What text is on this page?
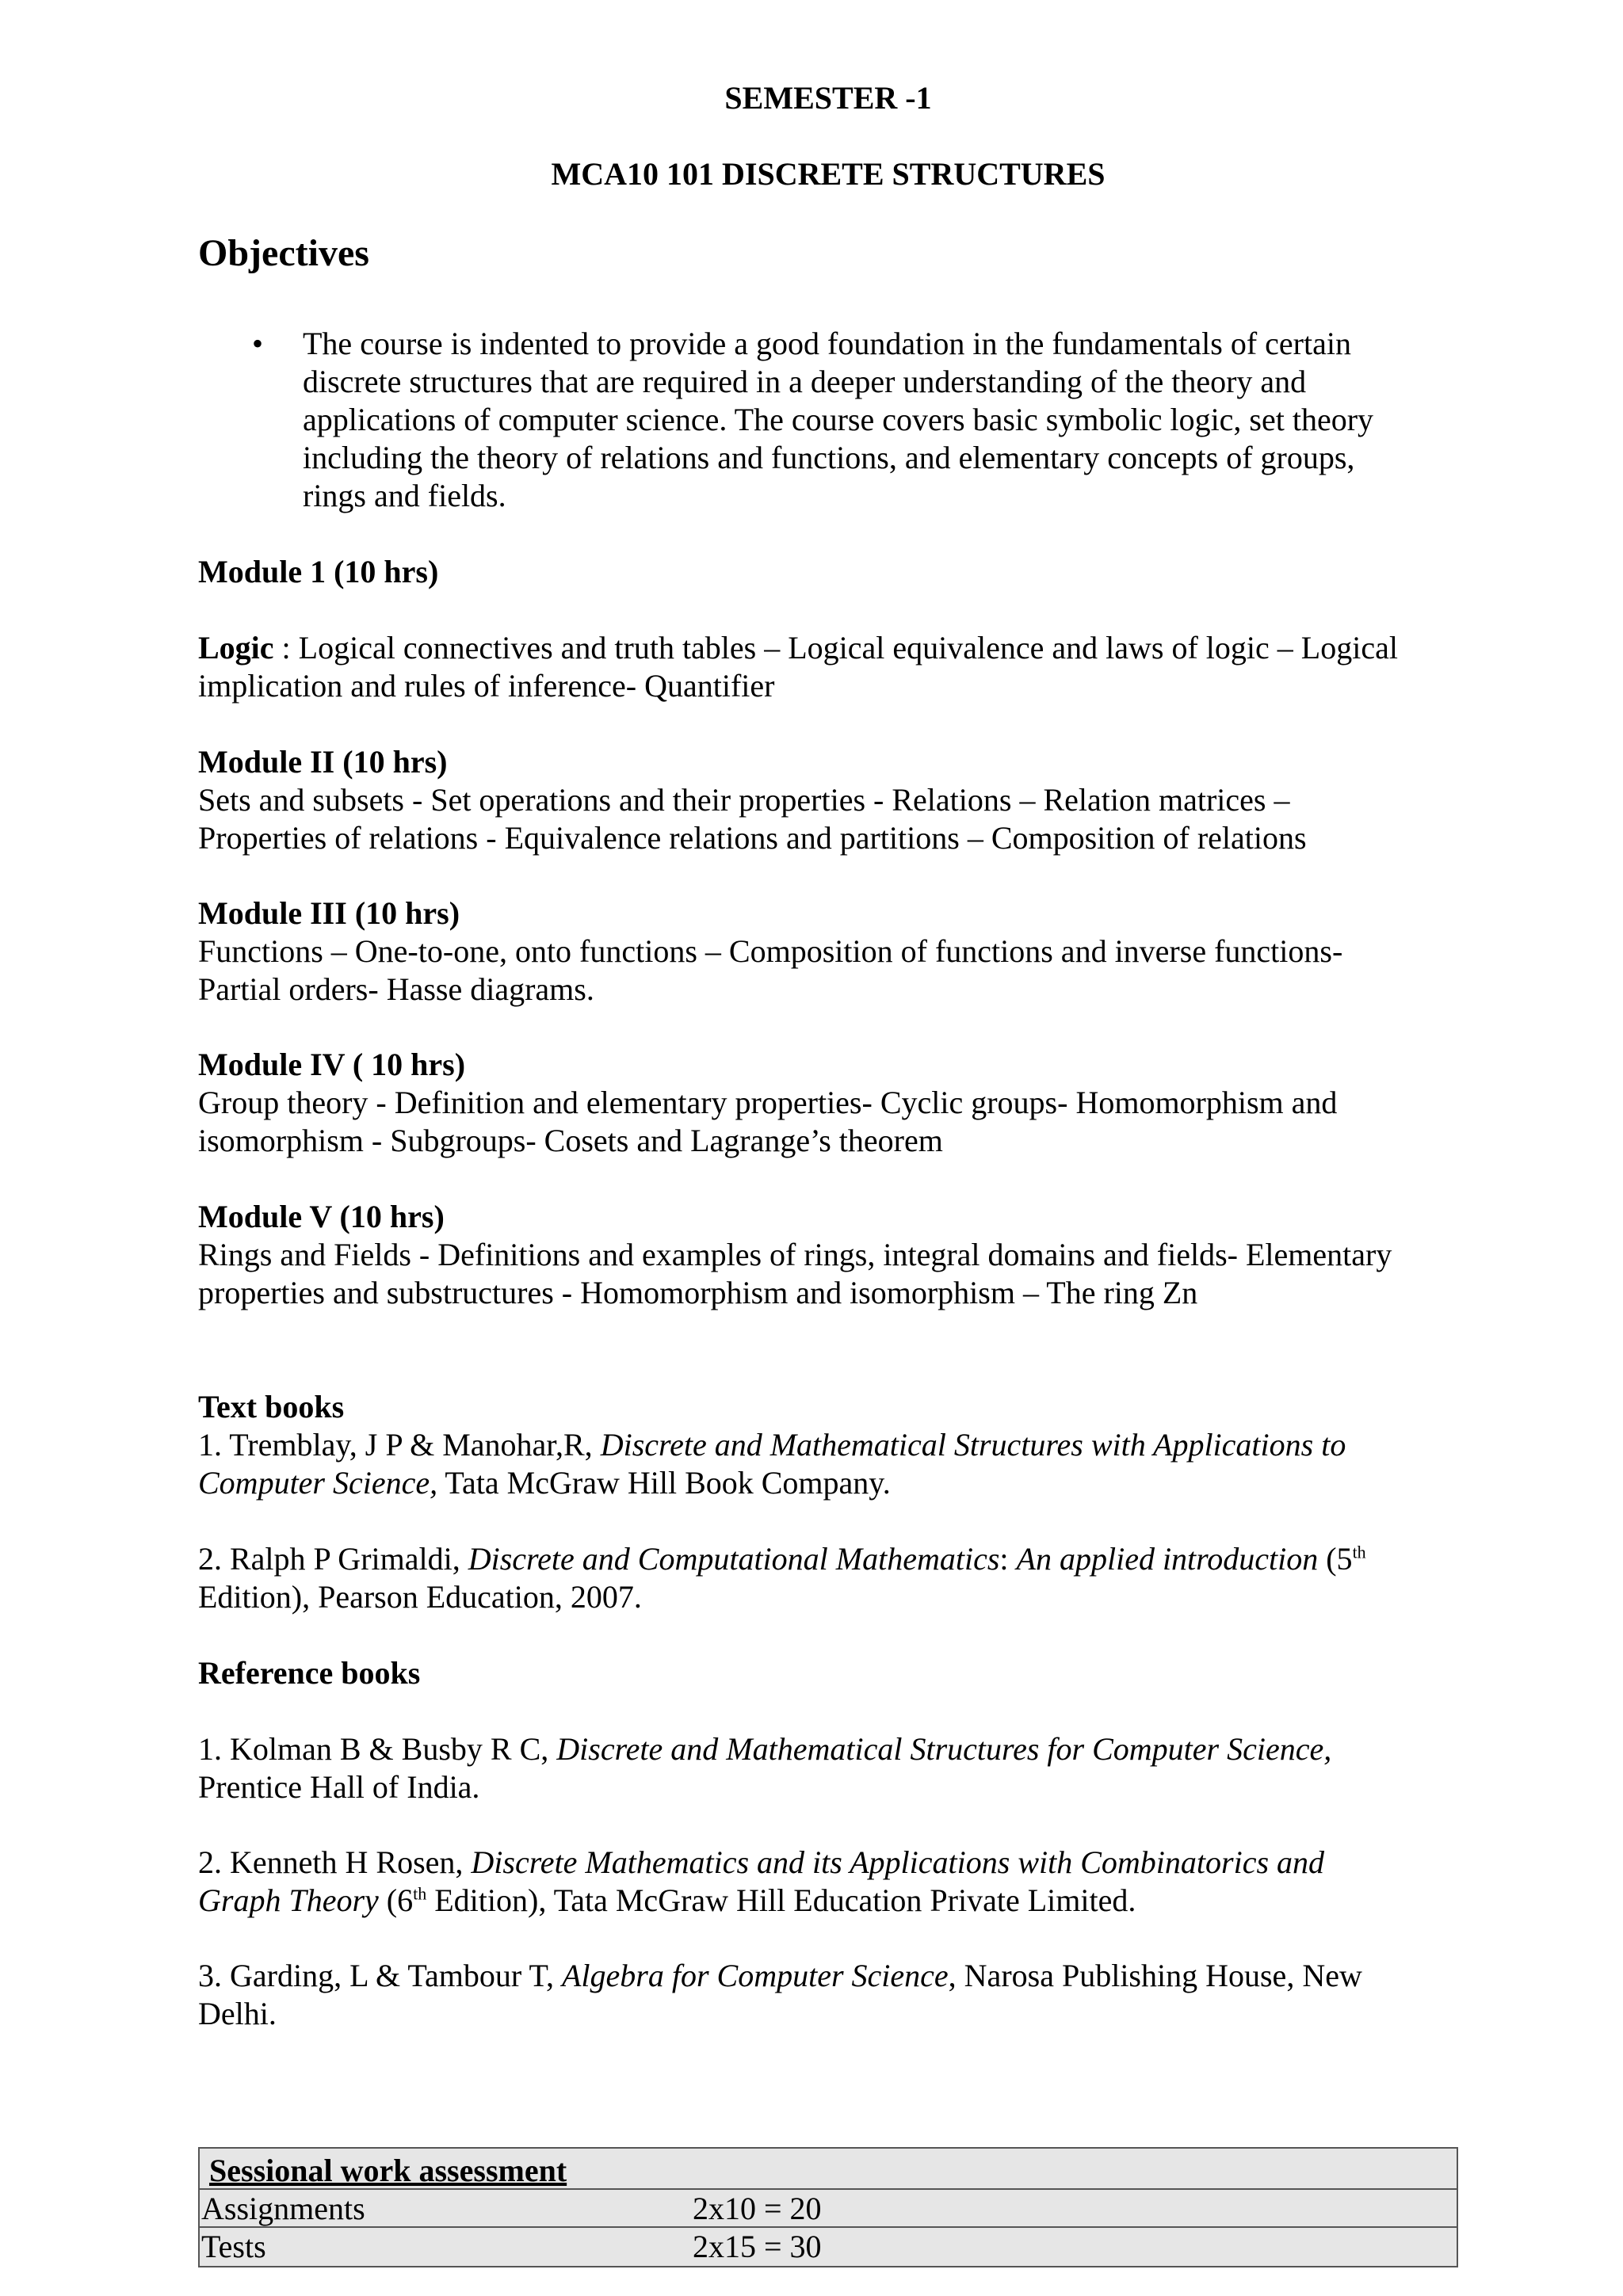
SEMESTER -1
MCA10 101 DISCRETE STRUCTURES
Objectives
• The course is indented to provide a good foundation in the fundamentals of certain
discrete structures that are required in a deeper understanding of the theory and
applications of computer science. The course covers basic symbolic logic, set theory
including the theory of relations and functions, and elementary concepts of groups,
rings and fields.
Module 1 (10 hrs)
Logic : Logical connectives and truth tables – Logical equivalence and laws of logic – Logical
implication and rules of inference- Quantifier
Module II (10 hrs)
Sets and subsets - Set operations and their properties - Relations – Relation matrices –
Properties of relations - Equivalence relations and partitions – Composition of relations
Module III (10 hrs)
Functions – One-to-one, onto functions – Composition of functions and inverse functions-
Partial orders- Hasse diagrams.
Module IV ( 10 hrs)
Group theory - Definition and elementary properties- Cyclic groups- Homomorphism and
isomorphism - Subgroups- Cosets and Lagrange’s theorem
Module V (10 hrs)
Rings and Fields - Definitions and examples of rings, integral domains and fields- Elementary
properties and substructures - Homomorphism and isomorphism – The ring Zn
Text books
1. Tremblay, J P & Manohar,R, Discrete and Mathematical Structures with Applications to
Computer Science, Tata McGraw Hill Book Company.
2. Ralph P Grimaldi, Discrete and Computational Mathematics: An applied introduction (5th
Edition), Pearson Education, 2007.
Reference books
1. Kolman B & Busby R C, Discrete and Mathematical Structures for Computer Science,
Prentice Hall of India.
2. Kenneth H Rosen, Discrete Mathematics and its Applications with Combinatorics and
Graph Theory (6th Edition), Tata McGraw Hill Education Private Limited.
3. Garding, L & Tambour T, Algebra for Computer Science, Narosa Publishing House, New
Delhi.
Sessional work assessment
Assignments	2x10 = 20
Tests	2x15 = 30
